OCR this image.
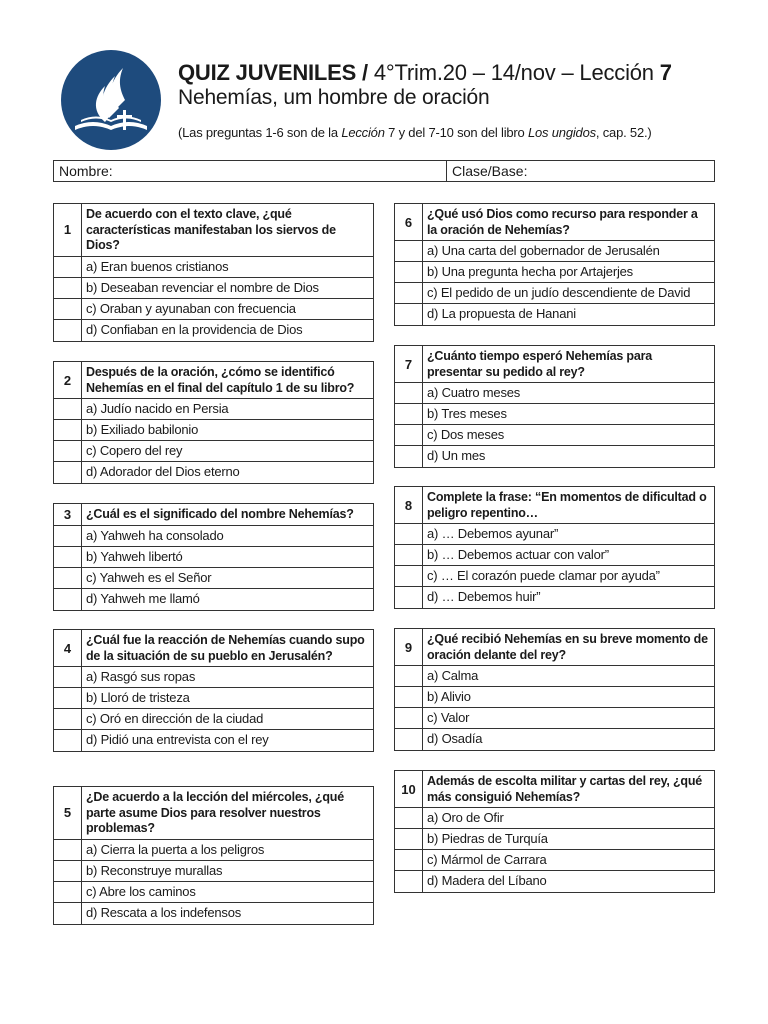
QUIZ JUVENILES / 4°Trim.20 – 14/nov – Lección 7
Nehemías, um hombre de oración
(Las preguntas 1-6 son de la Lección 7 y del 7-10 son del libro Los ungidos, cap. 52.)
Nombre:	Clase/Base:
1
De acuerdo con el texto clave, ¿qué características manifestaban los siervos de Dios?
a) Eran buenos cristianos
b) Deseaban revenciar el nombre de Dios
c) Oraban y ayunaban con frecuencia
d) Confiaban en la providencia de Dios
2
Después de la oración, ¿cómo se identificó Nehemías en el final del capítulo 1 de su libro?
a) Judío nacido en Persia
b) Exiliado babilonio
c) Copero del rey
d) Adorador del Dios eterno
3	¿Cuál es el significado del nombre Nehemías?
a) Yahweh ha consolado
b) Yahweh libertó
c) Yahweh es el Señor
d) Yahweh me llamó
4
¿Cuál fue la reacción de Nehemías cuando supo de la situación de su pueblo en Jerusalén?
a) Rasgó sus ropas
b) Lloró de tristeza
c) Oró en dirección de la ciudad
d) Pidió una entrevista con el rey
5
¿De acuerdo a la lección del miércoles, ¿qué parte asume Dios para resolver nuestros problemas?
a) Cierra la puerta a los peligros
b) Reconstruye murallas
c) Abre los caminos
d) Rescata a los indefensos
6
¿Qué usó Dios como recurso para responder a la oración de Nehemías?
a) Una carta del gobernador de Jerusalén
b) Una pregunta hecha por Artajerjes
c) El pedido de un judío descendiente de David
d) La propuesta de Hanani
7
¿Cuánto tiempo esperó Nehemías para presentar su pedido al rey?
a) Cuatro meses
b) Tres meses
c) Dos meses
d) Un mes
8
Complete la frase: “En momentos de dificultad o peligro repentino…
a) … Debemos ayunar”
b) … Debemos actuar con valor”
c) … El corazón puede clamar por ayuda”
d) … Debemos huir”
9
¿Qué recibió Nehemías en su breve momento de oración delante del rey?
a) Calma
b) Alivio
c) Valor
d) Osadía
10
Además de escolta militar y cartas del rey, ¿qué más consiguió Nehemías?
a) Oro de Ofir
b) Piedras de Turquía
c) Mármol de Carrara
d) Madera del Líbano
